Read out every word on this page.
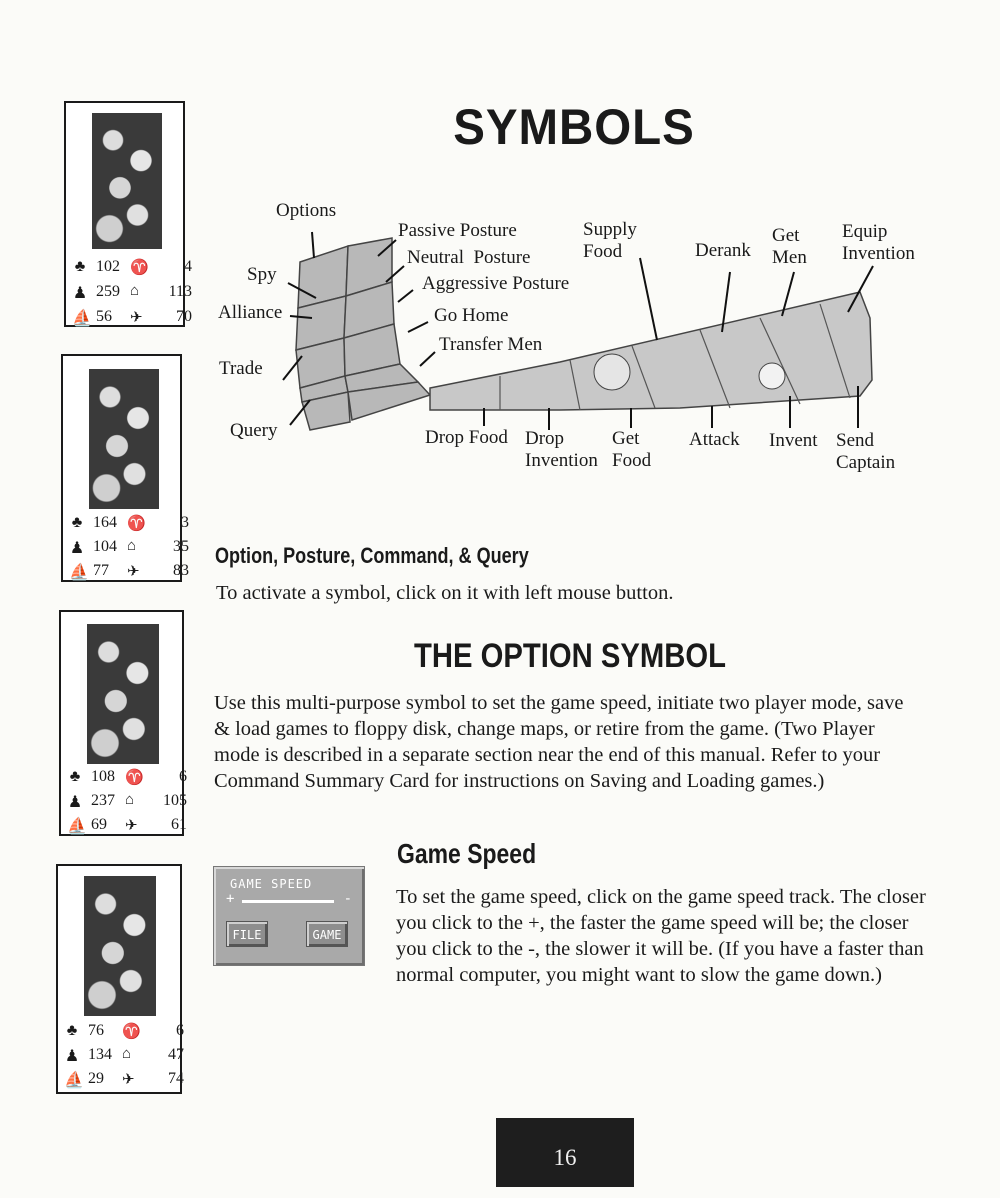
SYMBOLS
♣ 102 ♈ 4
♟ 259 ⌂ 113
⛵ 56 ✈ 70
♣ 164 ♈ 3
♟ 104 ⌂ 35
⛵ 77 ✈ 83
♣ 108 ♈ 6
♟ 237 ⌂ 105
⛵ 69 ✈ 61
♣ 76 ♈ 6
♟ 134 ⌂ 47
⛵ 29 ✈ 74
Options
Spy
Alliance
Trade
Query
Passive Posture
Neutral  Posture
Aggressive Posture
Go Home
Transfer Men
Supply
Food	Derank
Get
Men
Equip
Invention
Drop Food Drop
Invention
Get
Food
Attack Invent Send
Captain
Option, Posture, Command, & Query

To activate a symbol, click on it with left mouse button.

THE OPTION SYMBOL

Use this multi-purpose symbol to set the game speed, initiate two player mode, save & load games to floppy disk, change maps, or retire from the game. (Two Player mode is described in a separate section near the end of this manual. Refer to your Command Summary Card for instructions on Saving and Loading games.)

Game Speed
GAME SPEED
+	-
FILE	GAME

To set the game speed, click on the game speed track. The closer you click to the +, the faster the game speed will be; the closer you click to the -, the slower it will be. (If you have a faster than normal computer, you might want to slow the game down.)

16
